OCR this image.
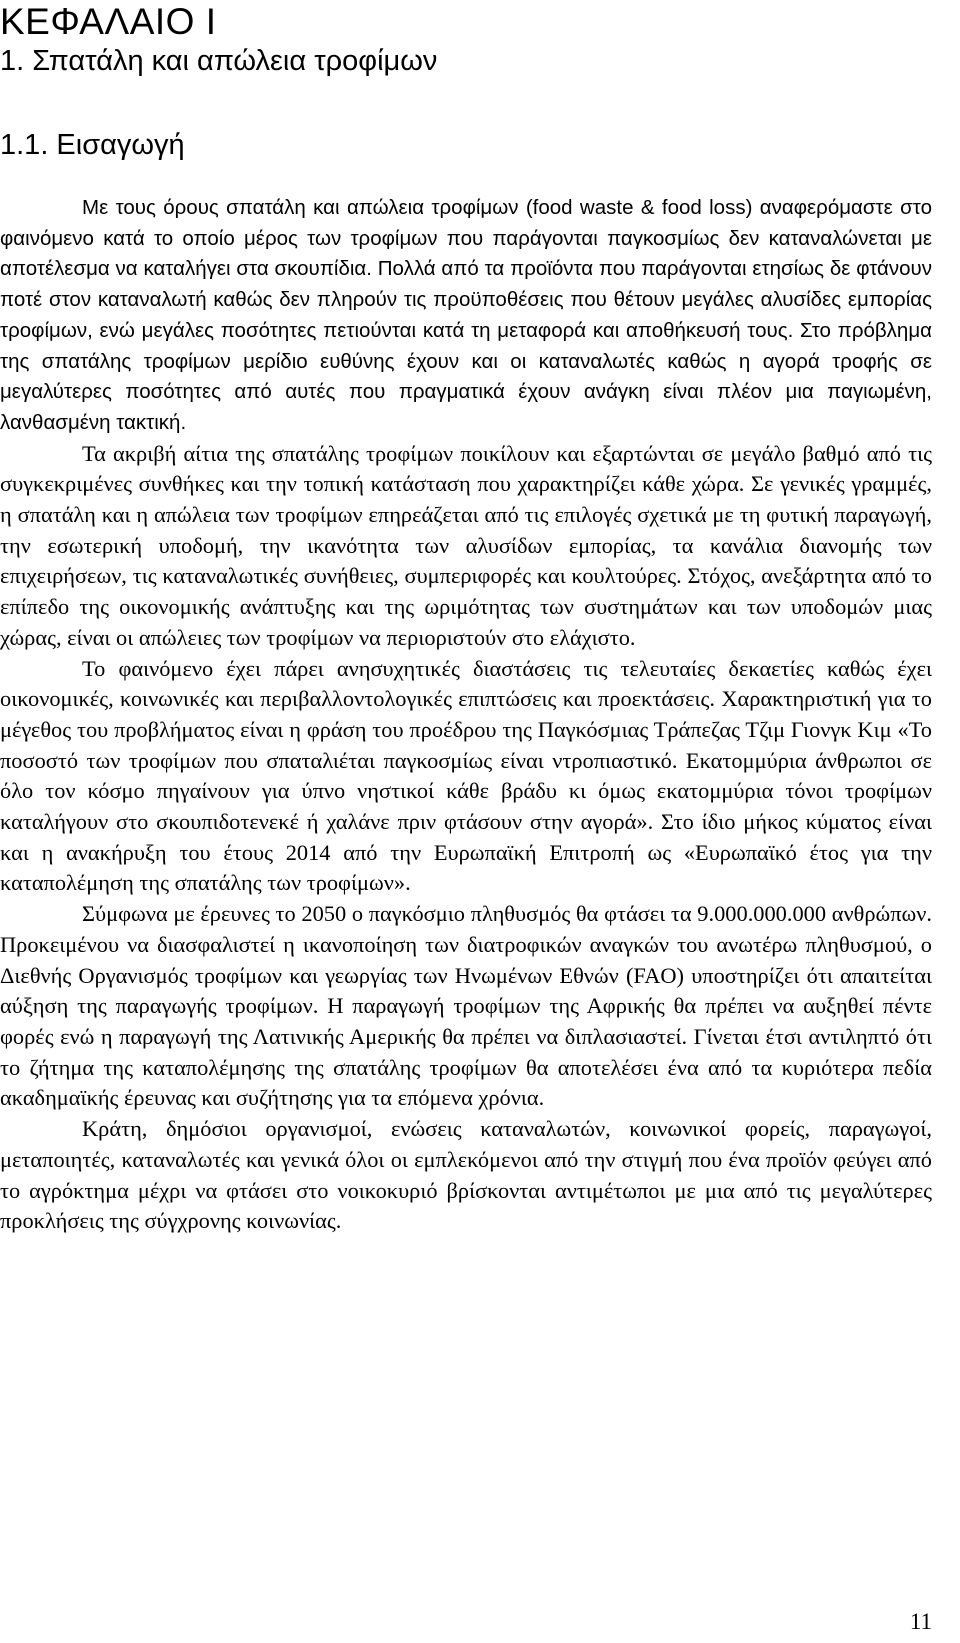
ΚΕΦΑΛΑΙΟ Ι
1. Σπατάλη και απώλεια τροφίμων
1.1. Εισαγωγή

Με τους όρους σπατάλη και απώλεια τροφίμων (food waste & food loss) αναφερόμαστε στο φαινόμενο κατά το οποίο μέρος των τροφίμων που παράγονται παγκοσμίως δεν καταναλώνεται με αποτέλεσμα να καταλήγει στα σκουπίδια. Πολλά από τα προϊόντα που παράγονται ετησίως δε φτάνουν ποτέ στον καταναλωτή καθώς δεν πληρούν τις προϋποθέσεις που θέτουν μεγάλες αλυσίδες εμπορίας τροφίμων, ενώ μεγάλες ποσότητες πετιούνται κατά τη μεταφορά και αποθήκευσή τους. Στο πρόβλημα της σπατάλης τροφίμων μερίδιο ευθύνης έχουν και οι καταναλωτές καθώς η αγορά τροφής σε μεγαλύτερες ποσότητες από αυτές που πραγματικά έχουν ανάγκη είναι πλέον μια παγιωμένη, λανθασμένη τακτική.

Τα ακριβή αίτια της σπατάλης τροφίμων ποικίλουν και εξαρτώνται σε μεγάλο βαθμό από τις συγκεκριμένες συνθήκες και την τοπική κατάσταση που χαρακτηρίζει κάθε χώρα. Σε γενικές γραμμές, η σπατάλη και η απώλεια των τροφίμων επηρεάζεται από τις επιλογές σχετικά με τη φυτική παραγωγή, την εσωτερική υποδομή, την ικανότητα των αλυσίδων εμπορίας, τα κανάλια διανομής των επιχειρήσεων, τις καταναλωτικές συνήθειες, συμπεριφορές και κουλτούρες. Στόχος, ανεξάρτητα από το επίπεδο της οικονομικής ανάπτυξης και της ωριμότητας των συστημάτων και των υποδομών μιας χώρας, είναι οι απώλειες των τροφίμων να περιοριστούν στο ελάχιστο.

Το φαινόμενο έχει πάρει ανησυχητικές διαστάσεις τις τελευταίες δεκαετίες καθώς έχει οικονομικές, κοινωνικές και περιβαλλοντολογικές επιπτώσεις και προεκτάσεις. Χαρακτηριστική για το μέγεθος του προβλήματος είναι η φράση του προέδρου της Παγκόσμιας Τράπεζας Τζιμ Γιονγκ Κιμ «Το ποσοστό των τροφίμων που σπαταλιέται παγκοσμίως είναι ντροπιαστικό. Εκατομμύρια άνθρωποι σε όλο τον κόσμο πηγαίνουν για ύπνο νηστικοί κάθε βράδυ κι όμως εκατομμύρια τόνοι τροφίμων καταλήγουν στο σκουπιδοτενεκέ ή χαλάνε πριν φτάσουν στην αγορά». Στο ίδιο μήκος κύματος είναι και η ανακήρυξη του έτους 2014 από την Ευρωπαϊκή Επιτροπή ως «Ευρωπαϊκό έτος για την καταπολέμηση της σπατάλης των τροφίμων».

Σύμφωνα με έρευνες το 2050 ο παγκόσμιο πληθυσμός θα φτάσει τα 9.000.000.000 ανθρώπων. Προκειμένου να διασφαλιστεί η ικανοποίηση των διατροφικών αναγκών του ανωτέρω πληθυσμού, ο Διεθνής Οργανισμός τροφίμων και γεωργίας των Ηνωμένων Εθνών (FAO) υποστηρίζει ότι απαιτείται αύξηση της παραγωγής τροφίμων. Η παραγωγή τροφίμων της Αφρικής θα πρέπει να αυξηθεί πέντε φορές ενώ η παραγωγή της Λατινικής Αμερικής θα πρέπει να διπλασιαστεί. Γίνεται έτσι αντιληπτό ότι το ζήτημα της καταπολέμησης της σπατάλης τροφίμων θα αποτελέσει ένα από τα κυριότερα πεδία ακαδημαϊκής έρευνας και συζήτησης για τα επόμενα χρόνια.

Κράτη, δημόσιοι οργανισμοί, ενώσεις καταναλωτών, κοινωνικοί φορείς, παραγωγοί, μεταποιητές, καταναλωτές και γενικά όλοι οι εμπλεκόμενοι από την στιγμή που ένα προϊόν φεύγει από το αγρόκτημα μέχρι να φτάσει στο νοικοκυριό βρίσκονται αντιμέτωποι με μια από τις μεγαλύτερες προκλήσεις της σύγχρονης κοινωνίας.

11
